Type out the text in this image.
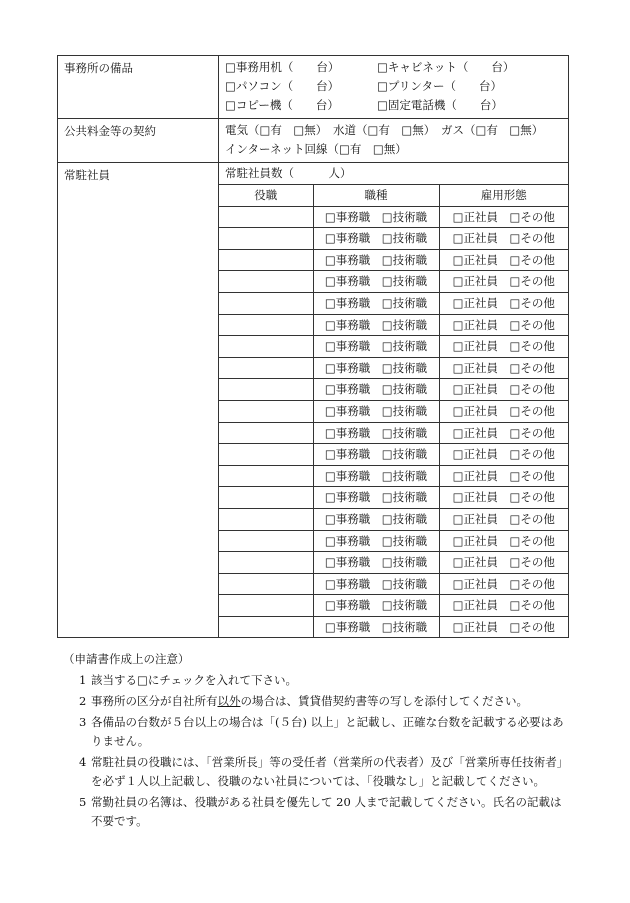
事務所の備品	□事務用机（　　台）	□キャビネット（　　台）
□パソコン（　　台）	□プリンター（　　台）
□コピー機（　　台）	□固定電話機（　　台）

公共料金等の契約	電気（□有　□無）　水道（□有　□無）　ガス（□有　□無）
インターネット回線（□有　□無）

常駐社員	常駐社員数（　　　人）
役職	職種	雇用形態
	□事務職　□技術職	□正社員　□その他
	□事務職　□技術職	□正社員　□その他
	□事務職　□技術職	□正社員　□その他
	□事務職　□技術職	□正社員　□その他
	□事務職　□技術職	□正社員　□その他
	□事務職　□技術職	□正社員　□その他
	□事務職　□技術職	□正社員　□その他
	□事務職　□技術職	□正社員　□その他
	□事務職　□技術職	□正社員　□その他
	□事務職　□技術職	□正社員　□その他
	□事務職　□技術職	□正社員　□その他
	□事務職　□技術職	□正社員　□その他
	□事務職　□技術職	□正社員　□その他
	□事務職　□技術職	□正社員　□その他
	□事務職　□技術職	□正社員　□その他
	□事務職　□技術職	□正社員　□その他
	□事務職　□技術職	□正社員　□その他
	□事務職　□技術職	□正社員　□その他
	□事務職　□技術職	□正社員　□その他
	□事務職　□技術職	□正社員　□その他
（申請書作成上の注意）
1 該当する□にチェックを入れて下さい。
2 事務所の区分が自社所有以外の場合は、賃貸借契約書等の写しを添付してください。
3 各備品の台数が５台以上の場合は「(５台) 以上」と記載し、正確な台数を記載する必要はありません。
4 常駐社員の役職には、「営業所長」等の受任者（営業所の代表者）及び「営業所専任技術者」を必ず１人以上記載し、役職のない社員については、「役職なし」と記載してください。
5 常勤社員の名簿は、役職がある社員を優先して 20 人まで記載してください。氏名の記載は不要です。
